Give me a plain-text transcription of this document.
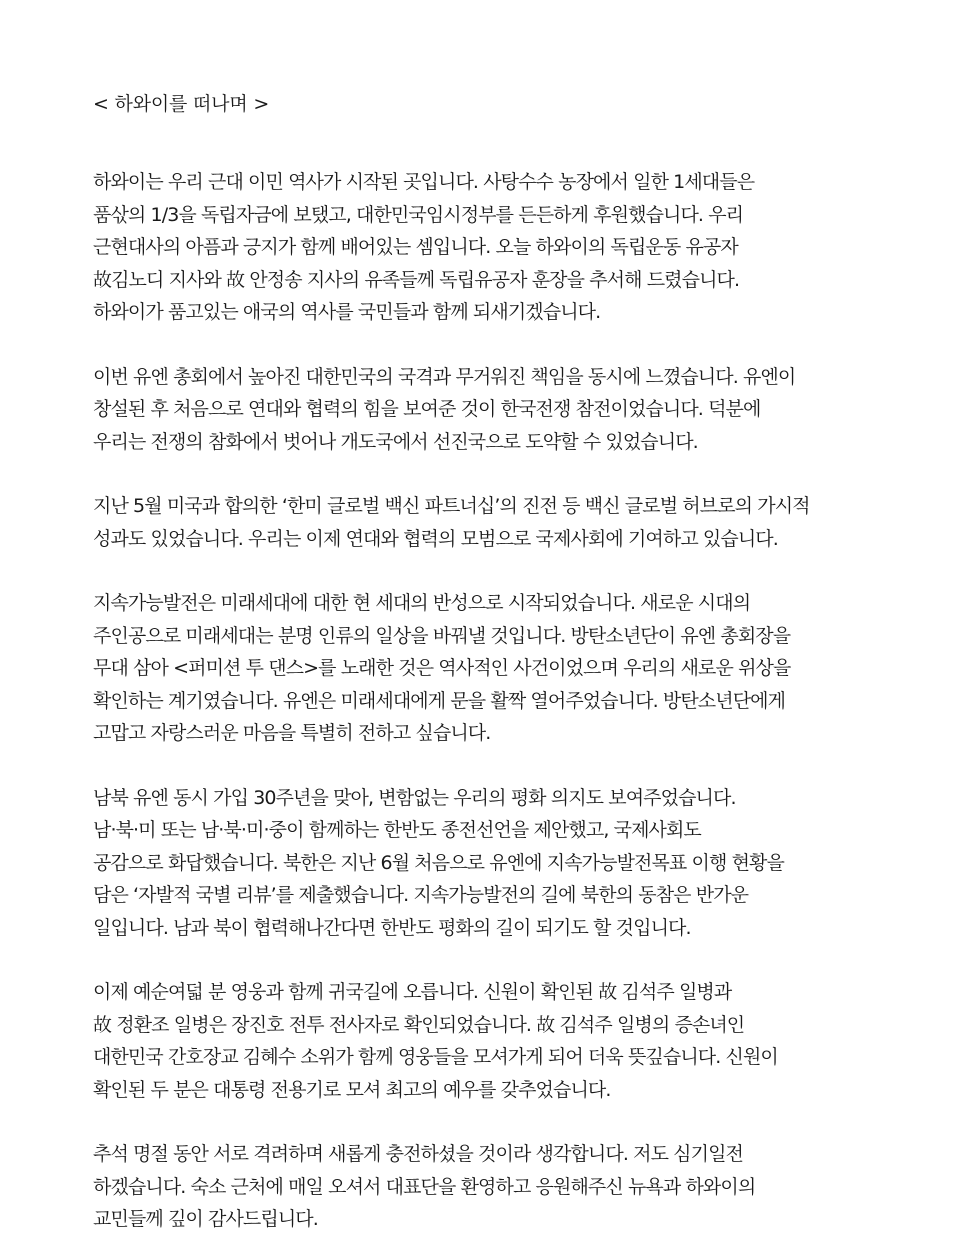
< 하와이를 떠나며 >
하와이는 우리 근대 이민 역사가 시작된 곳입니다. 사탕수수 농장에서 일한 1세대들은
품삯의 1/3을 독립자금에 보탰고, 대한민국임시정부를 든든하게 후원했습니다. 우리
근현대사의 아픔과 긍지가 함께 배어있는 셈입니다. 오늘 하와이의 독립운동 유공자
故김노디 지사와 故 안정송 지사의 유족들께 독립유공자 훈장을 추서해 드렸습니다.
하와이가 품고있는 애국의 역사를 국민들과 함께 되새기겠습니다.
이번 유엔 총회에서 높아진 대한민국의 국격과 무거워진 책임을 동시에 느꼈습니다. 유엔이
창설된 후 처음으로 연대와 협력의 힘을 보여준 것이 한국전쟁 참전이었습니다. 덕분에
우리는 전쟁의 참화에서 벗어나 개도국에서 선진국으로 도약할 수 있었습니다.
지난 5월 미국과 합의한 ‘한미 글로벌 백신 파트너십’의 진전 등 백신 글로벌 허브로의 가시적
성과도 있었습니다. 우리는 이제 연대와 협력의 모범으로 국제사회에 기여하고 있습니다.
지속가능발전은 미래세대에 대한 현 세대의 반성으로 시작되었습니다. 새로운 시대의
주인공으로 미래세대는 분명 인류의 일상을 바꿔낼 것입니다. 방탄소년단이 유엔 총회장을
무대 삼아 <퍼미션 투 댄스>를 노래한 것은 역사적인 사건이었으며 우리의 새로운 위상을
확인하는 계기였습니다. 유엔은 미래세대에게 문을 활짝 열어주었습니다. 방탄소년단에게
고맙고 자랑스러운 마음을 특별히 전하고 싶습니다.
남북 유엔 동시 가입 30주년을 맞아, 변함없는 우리의 평화 의지도 보여주었습니다.
남·북·미 또는 남·북·미·중이 함께하는 한반도 종전선언을 제안했고, 국제사회도
공감으로 화답했습니다. 북한은 지난 6월 처음으로 유엔에 지속가능발전목표 이행 현황을
담은 ‘자발적 국별 리뷰’를 제출했습니다. 지속가능발전의 길에 북한의 동참은 반가운
일입니다. 남과 북이 협력해나간다면 한반도 평화의 길이 되기도 할 것입니다.
이제 예순여덟 분 영웅과 함께 귀국길에 오릅니다. 신원이 확인된 故 김석주 일병과
故 정환조 일병은 장진호 전투 전사자로 확인되었습니다. 故 김석주 일병의 증손녀인
대한민국 간호장교 김혜수 소위가 함께 영웅들을 모셔가게 되어 더욱 뜻깊습니다. 신원이
확인된 두 분은 대통령 전용기로 모셔 최고의 예우를 갖추었습니다.
추석 명절 동안 서로 격려하며 새롭게 충전하셨을 것이라 생각합니다. 저도 심기일전
하겠습니다. 숙소 근처에 매일 오셔서 대표단을 환영하고 응원해주신 뉴욕과 하와이의
교민들께 깊이 감사드립니다.
